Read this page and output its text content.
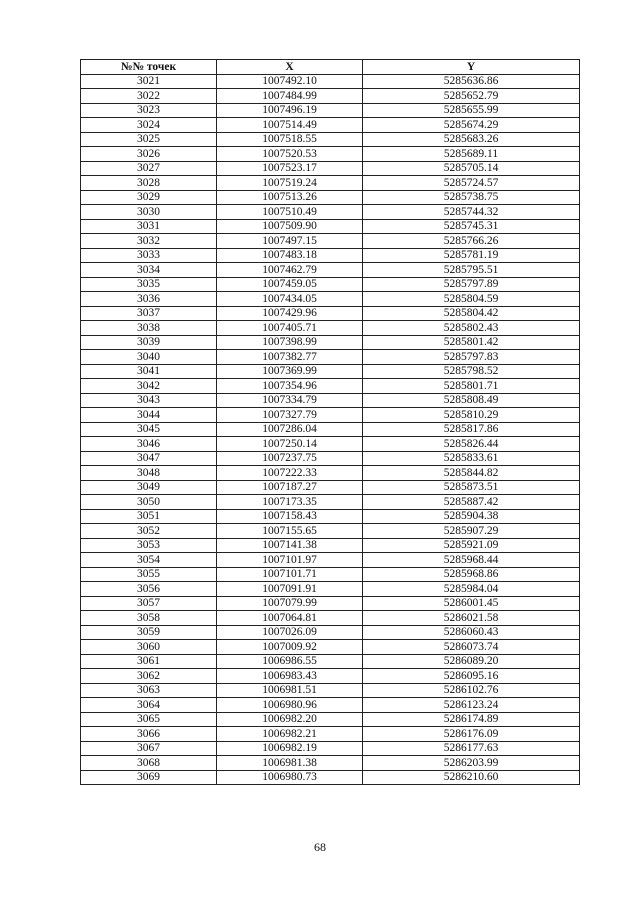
№№ точек	X	Y
3021	1007492.10	5285636.86
3022	1007484.99	5285652.79
3023	1007496.19	5285655.99
3024	1007514.49	5285674.29
3025	1007518.55	5285683.26
3026	1007520.53	5285689.11
3027	1007523.17	5285705.14
3028	1007519.24	5285724.57
3029	1007513.26	5285738.75
3030	1007510.49	5285744.32
3031	1007509.90	5285745.31
3032	1007497.15	5285766.26
3033	1007483.18	5285781.19
3034	1007462.79	5285795.51
3035	1007459.05	5285797.89
3036	1007434.05	5285804.59
3037	1007429.96	5285804.42
3038	1007405.71	5285802.43
3039	1007398.99	5285801.42
3040	1007382.77	5285797.83
3041	1007369.99	5285798.52
3042	1007354.96	5285801.71
3043	1007334.79	5285808.49
3044	1007327.79	5285810.29
3045	1007286.04	5285817.86
3046	1007250.14	5285826.44
3047	1007237.75	5285833.61
3048	1007222.33	5285844.82
3049	1007187.27	5285873.51
3050	1007173.35	5285887.42
3051	1007158.43	5285904.38
3052	1007155.65	5285907.29
3053	1007141.38	5285921.09
3054	1007101.97	5285968.44
3055	1007101.71	5285968.86
3056	1007091.91	5285984.04
3057	1007079.99	5286001.45
3058	1007064.81	5286021.58
3059	1007026.09	5286060.43
3060	1007009.92	5286073.74
3061	1006986.55	5286089.20
3062	1006983.43	5286095.16
3063	1006981.51	5286102.76
3064	1006980.96	5286123.24
3065	1006982.20	5286174.89
3066	1006982.21	5286176.09
3067	1006982.19	5286177.63
3068	1006981.38	5286203.99
3069	1006980.73	5286210.60
68
